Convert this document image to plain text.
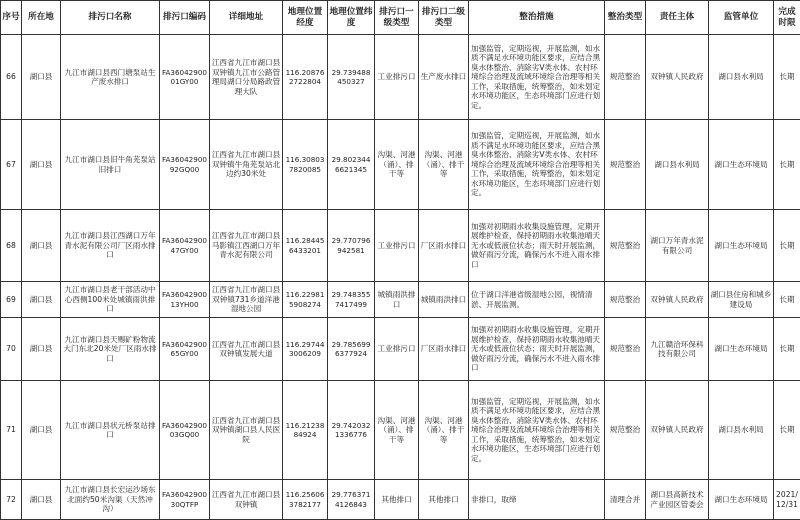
序号	所在地	排污口名称	排污口编码	详细地址	地理位置经度	地理位置纬度	排污口一级类型	排污口二级类型	整治措施	整治类型	责任主体	监管单位	完成时限
66	湖口县	九江市湖口县西门塘泵站生产废水排口	FA36042900 01GY00	江西省九江市湖口县双钟镇九江市公路管理局湖口分局路政管理大队	116.20876 2722804	29.739488 450327	工业排污口	生产废水排口	加强监管，定期巡视，开展监测，如水质不满足水环境功能区要求，应结合黑臭水体整治、消除劣Ⅴ类水体、农村环境综合治理及流域环境综合治理等相关工作，采取措施，统筹整治，如未划定水环境功能区，生态环境部门应进行划定。	规范整治	双钟镇人民政府	湖口县水利局	长期
67	湖口县	九江市湖口县旧牛角芜泵站旧排口	FA36042900 92GQ00	江西省九江市湖口县双钟镇牛角芜泵站北边约30米处	116.30803 7820085	29.802344 6621345	沟渠、河港（涌）、排干等	沟渠、河港（涌）、排干等	加强监管，定期巡视，开展监测，如水质不满足水环境功能区要求，应结合黑臭水体整治、消除劣Ⅴ类水体、农村环境综合治理及流域环境综合治理等相关工作，采取措施，统筹整治，如未划定水环境功能区，生态环境部门应进行划定。	规范整治	湖口县水利局	湖口生态环境局	长期
68	湖口县	九江市湖口县江西湖口万年青水泥有限公司厂区雨水排口	FA36042900 47GY00	江西省九江市湖口县马影镇江西湖口万年青水泥有限公司	116.28445 6433201	29.770796 942581	工业排污口	厂区雨水排口	加强对初期雨水收集设施管理，定期开展维护检查，保持初期雨水收集池晴天无水或低液位状态；雨天时开展监测，做好雨污分流，确保污水不进入雨水排口	规范整治	湖口万年青水泥有限公司	湖口生态环境局	长期
69	湖口县	九江市湖口县老干部活动中心西侧100米处城镇雨洪排口	FA36042900 13YH00	江西省九江市湖口县双钟镇731乡道洋港湿地公园	116.22981 5908274	29.748355 7417499	城镇雨洪排口	城镇雨洪排口	位于湖口洋港省级湿地公园，视情清淤、开展监测。	规范整治	双钟镇人民政府	湖口县住房和城乡建设局	长期
70	湖口县	九江市湖口县天赐矿粉物流大门东北20米处厂区雨水排口	FA36042900 65GY00	江西省九江市湖口县双钟镇发展大道	116.29744 3006209	29.785699 6377924	工业排污口	厂区雨水排口	加强对初期雨水收集设施管理，定期开展维护检查，保持初期雨水收集池晴天无水或低液位状态；雨天时开展监测，做好雨污分流，确保污水不进入雨水排口	规范整治	九江赣洽环保科技有限公司	湖口生态环境局	长期
71	湖口县	九江市湖口县状元桥泵站排口	FA36042900 03GQ00	江西省九江市湖口县双钟镇湖口县人民医院	116.21238 84924	29.742032 1336776	沟渠、河港（涌）、排干等	沟渠、河港（涌）、排干等	加强监管，定期巡视，开展监测，如水质不满足水环境功能区要求，应结合黑臭水体整治、消除劣Ⅴ类水体、农村环境综合治理及流域环境综合治理等相关工作，采取措施，统筹整治，如未划定水环境功能区，生态环境部门应进行划定。	规范整治	双钟镇人民政府	湖口县水利局	长期
72	湖口县	九江市湖口县长宏运沙场东北面约50米沟渠（天然冲沟）	FA36042900 30QTFP	江西省九江市湖口县双钟镇	116.25606 3782177	29.776371 4126843	其他排口	其他排口	非排口，取缔	清理合并	湖口县高新技术产业园区管委会	湖口生态环境局	2021/12/31
